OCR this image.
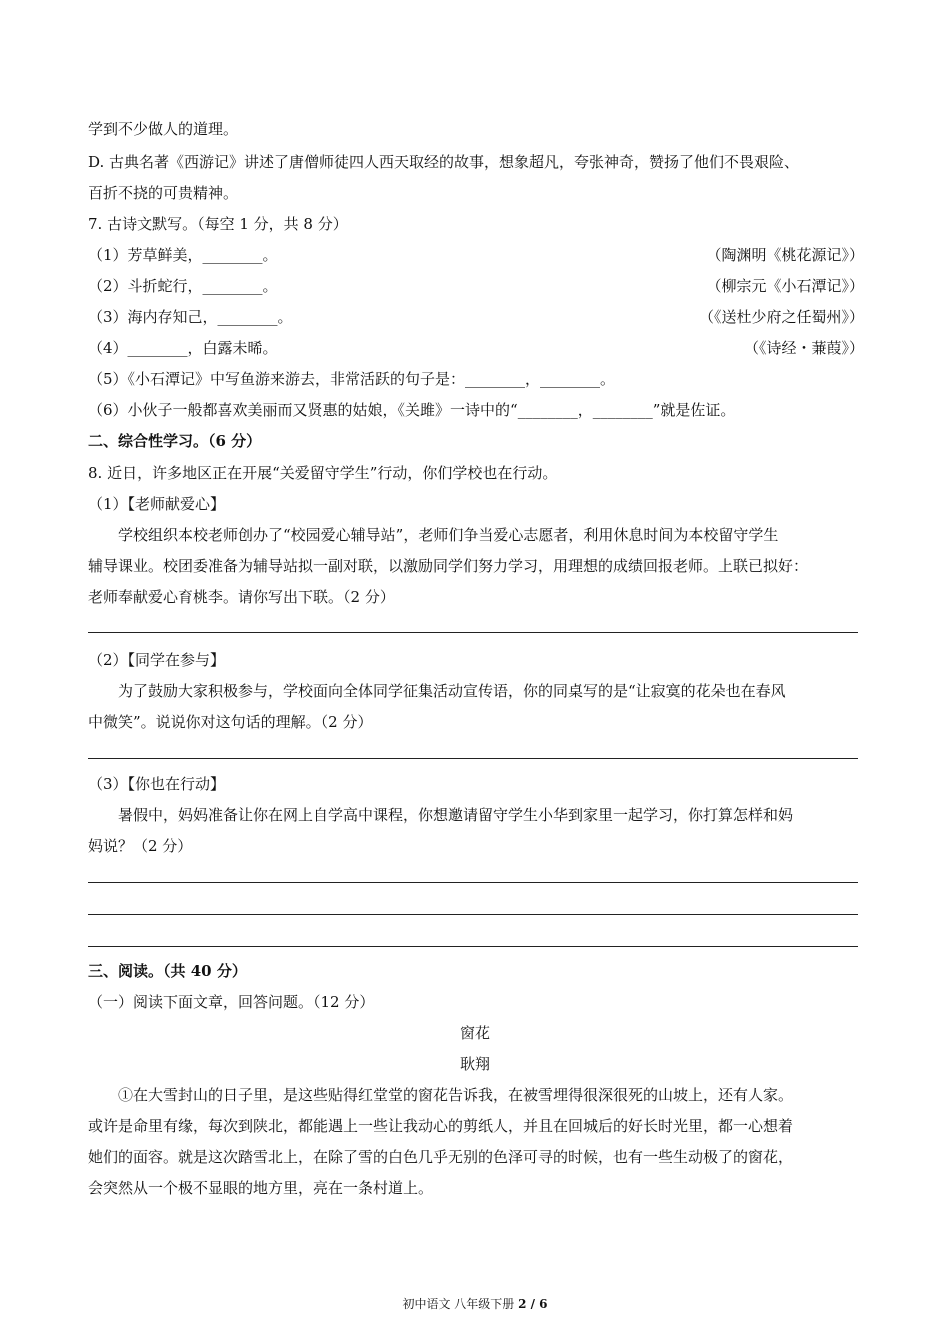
学到不少做人的道理。
D. 古典名著《西游记》讲述了唐僧师徒四人西天取经的故事，想象超凡，夸张神奇，赞扬了他们不畏艰险、
百折不挠的可贵精神。
7. 古诗文默写。（每空 1 分，共 8 分）
（1）芳草鲜美，________。	（陶渊明《桃花源记》）
（2）斗折蛇行，________。	（柳宗元《小石潭记》）
（3）海内存知己，________。	（《送杜少府之任蜀州》）
（4）________，白露未晞。	（《诗经・蒹葭》）
（5）《小石潭记》中写鱼游来游去，非常活跃的句子是：________，________。
（6）小伙子一般都喜欢美丽而又贤惠的姑娘，《关雎》一诗中的“________，________”就是佐证。
二、综合性学习。（6 分）
8. 近日，许多地区正在开展“关爱留守学生”行动，你们学校也在行动。
（1）【老师献爱心】
学校组织本校老师创办了“校园爱心辅导站”，老师们争当爱心志愿者，利用休息时间为本校留守学生
辅导课业。校团委准备为辅导站拟一副对联，以激励同学们努力学习，用理想的成绩回报老师。上联已拟好：
老师奉献爱心育桃李。请你写出下联。（2 分）
（2）【同学在参与】
为了鼓励大家积极参与，学校面向全体同学征集活动宣传语，你的同桌写的是“让寂寞的花朵也在春风
中微笑”。说说你对这句话的理解。（2 分）
（3）【你也在行动】
暑假中，妈妈准备让你在网上自学高中课程，你想邀请留守学生小华到家里一起学习，你打算怎样和妈
妈说？（2 分）
三、阅读。（共 40 分）
（一）阅读下面文章，回答问题。（12 分）
窗花
耿翔
①在大雪封山的日子里，是这些贴得红堂堂的窗花告诉我，在被雪埋得很深很死的山坡上，还有人家。
或许是命里有缘，每次到陕北，都能遇上一些让我动心的剪纸人，并且在回城后的好长时光里，都一心想着
她们的面容。就是这次踏雪北上，在除了雪的白色几乎无别的色泽可寻的时候，也有一些生动极了的窗花，
会突然从一个极不显眼的地方里，亮在一条村道上。
初中语文 八年级下册 2 / 6
